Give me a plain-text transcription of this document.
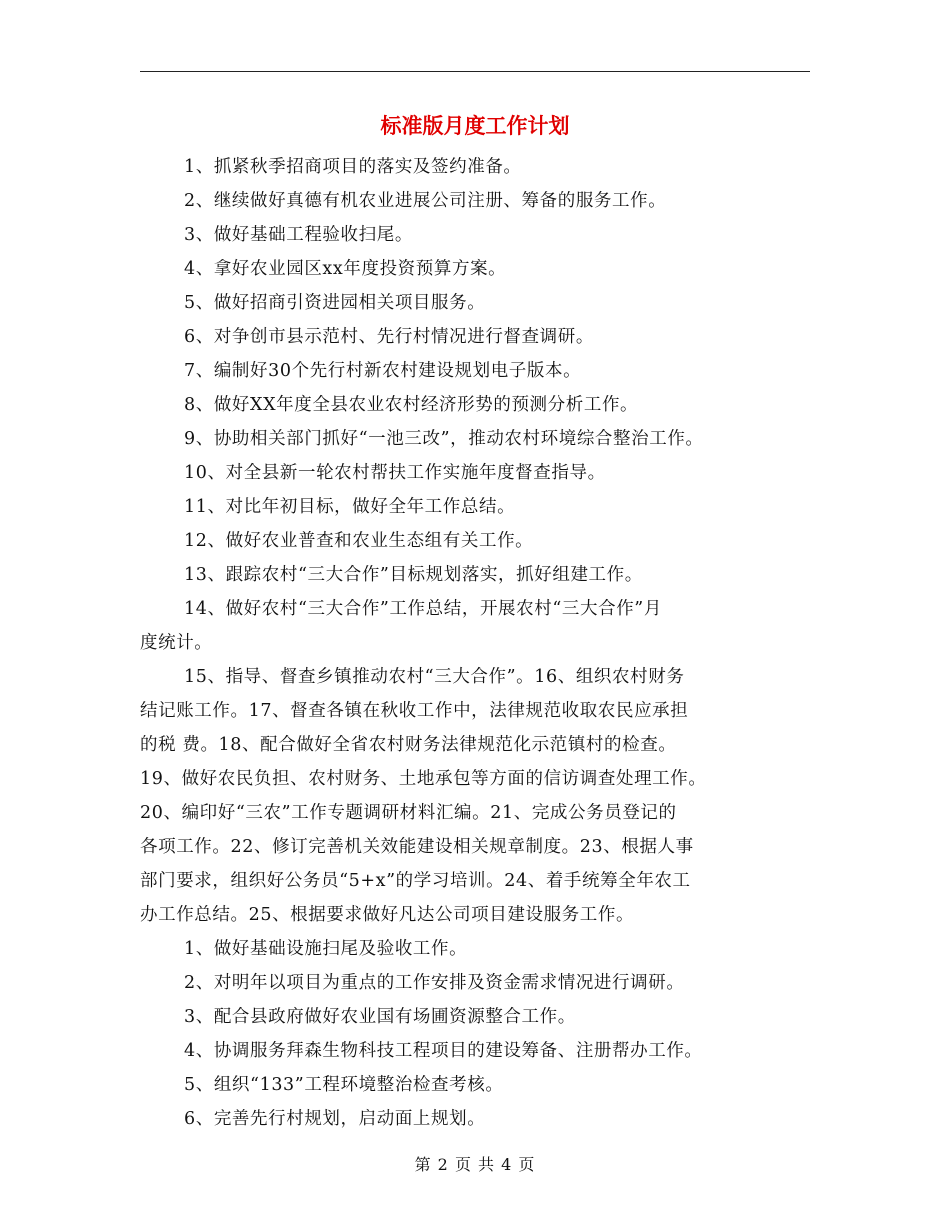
标准版月度工作计划
1、抓紧秋季招商项目的落实及签约准备。
2、继续做好真德有机农业进展公司注册、筹备的服务工作。
3、做好基础工程验收扫尾。
4、拿好农业园区xx年度投资预算方案。
5、做好招商引资进园相关项目服务。
6、对争创市县示范村、先行村情况进行督查调研。
7、编制好30个先行村新农村建设规划电子版本。
8、做好XX年度全县农业农村经济形势的预测分析工作。
9、协助相关部门抓好“一池三改”，推动农村环境综合整治工作。
10、对全县新一轮农村帮扶工作实施年度督查指导。
11、对比年初目标，做好全年工作总结。
12、做好农业普查和农业生态组有关工作。
13、跟踪农村“三大合作”目标规划落实，抓好组建工作。
14、做好农村“三大合作”工作总结，开展农村“三大合作”月
度统计。
15、指导、督查乡镇推动农村“三大合作”。16、组织农村财务
结记账工作。17、督查各镇在秋收工作中，法律规范收取农民应承担
的税 费。18、配合做好全省农村财务法律规范化示范镇村的检查。
19、做好农民负担、农村财务、土地承包等方面的信访调查处理工作。
20、编印好“三农”工作专题调研材料汇编。21、完成公务员登记的
各项工作。22、修订完善机关效能建设相关规章制度。23、根据人事
部门要求，组织好公务员“5+x”的学习培训。24、着手统筹全年农工
办工作总结。25、根据要求做好凡达公司项目建设服务工作。
1、做好基础设施扫尾及验收工作。
2、对明年以项目为重点的工作安排及资金需求情况进行调研。
3、配合县政府做好农业国有场圃资源整合工作。
4、协调服务拜森生物科技工程项目的建设筹备、注册帮办工作。
5、组织“133”工程环境整治检查考核。
6、完善先行村规划，启动面上规划。
第 2 页 共 4 页
